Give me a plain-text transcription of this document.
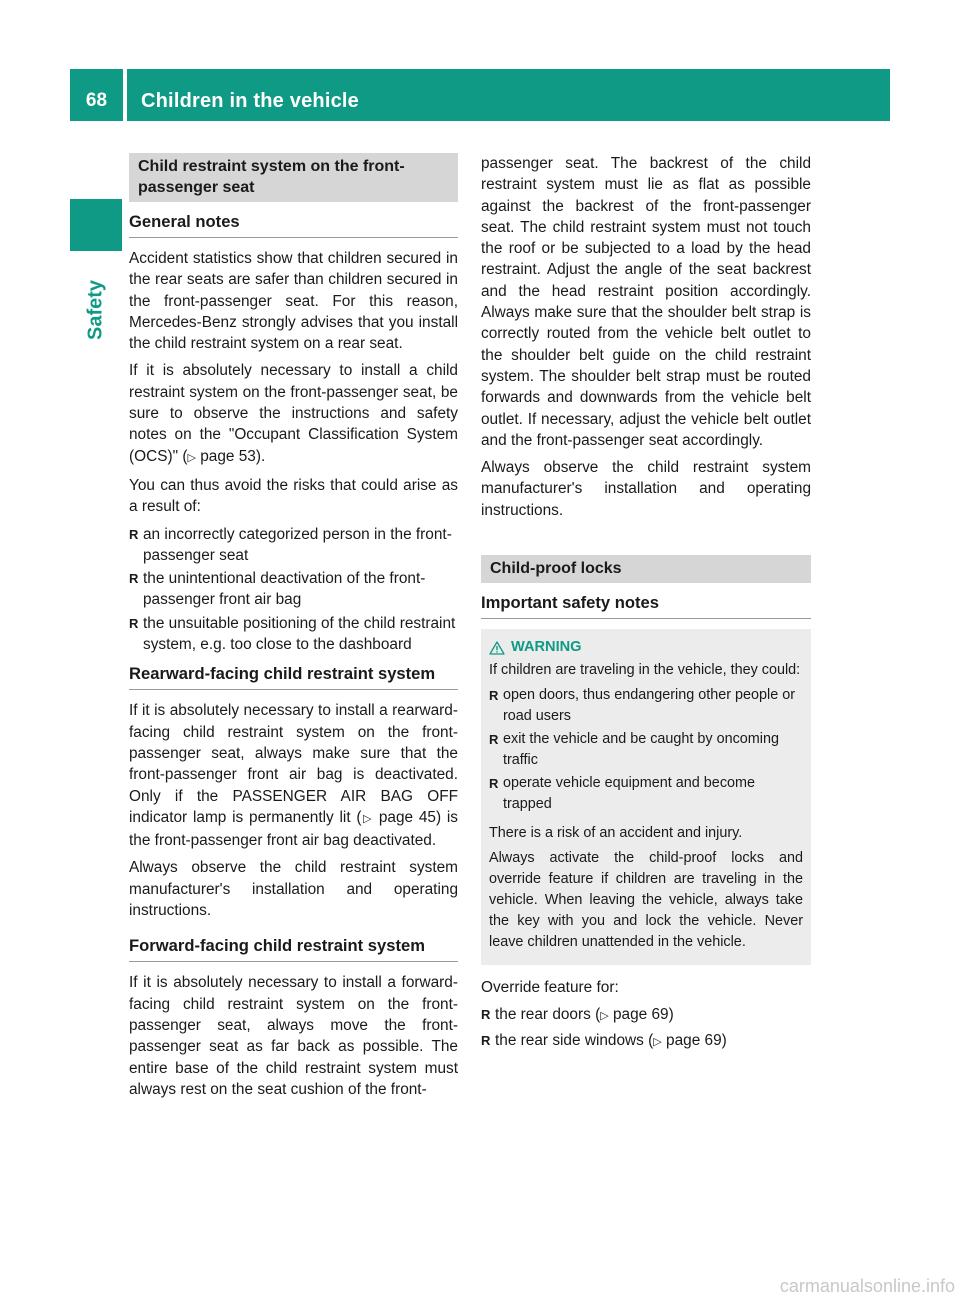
68	Children in the vehicle
Safety
Child restraint system on the front-passenger seat
General notes

Accident statistics show that children secured in the rear seats are safer than children secured in the front-passenger seat. For this reason, Mercedes-Benz strongly advises that you install the child restraint system on a rear seat.

If it is absolutely necessary to install a child restraint system on the front-passenger seat, be sure to observe the instructions and safety notes on the "Occupant Classification System (OCS)" (▷ page 53).

You can thus avoid the risks that could arise as a result of:

R an incorrectly categorized person in the front-passenger seat
R the unintentional deactivation of the front-passenger front air bag
R the unsuitable positioning of the child restraint system, e.g. too close to the dashboard
Rearward-facing child restraint system

If it is absolutely necessary to install a rearward-facing child restraint system on the front-passenger seat, always make sure that the front-passenger front air bag is deactivated. Only if the PASSENGER AIR BAG OFF indicator lamp is permanently lit (▷ page 45) is the front-passenger front air bag deactivated.

Always observe the child restraint system manufacturer's installation and operating instructions.

Forward-facing child restraint system

If it is absolutely necessary to install a forward-facing child restraint system on the front-passenger seat, always move the front-passenger seat as far back as possible. The entire base of the child restraint system must always rest on the seat cushion of the front-

passenger seat. The backrest of the child restraint system must lie as flat as possible against the backrest of the front-passenger seat. The child restraint system must not touch the roof or be subjected to a load by the head restraint. Adjust the angle of the seat backrest and the head restraint position accordingly. Always make sure that the shoulder belt strap is correctly routed from the vehicle belt outlet to the shoulder belt guide on the child restraint system. The shoulder belt strap must be routed forwards and downwards from the vehicle belt outlet. If necessary, adjust the vehicle belt outlet and the front-passenger seat accordingly.

Always observe the child restraint system manufacturer's installation and operating instructions.

Child-proof locks
Important safety notes
WARNING

If children are traveling in the vehicle, they could:

R open doors, thus endangering other people or road users
R exit the vehicle and be caught by oncoming traffic
R operate vehicle equipment and become trapped

There is a risk of an accident and injury.

Always activate the child-proof locks and override feature if children are traveling in the vehicle. When leaving the vehicle, always take the key with you and lock the vehicle. Never leave children unattended in the vehicle.

Override feature for:

R the rear doors (▷ page 69)
R the rear side windows (▷ page 69)
carmanualsonline.info
